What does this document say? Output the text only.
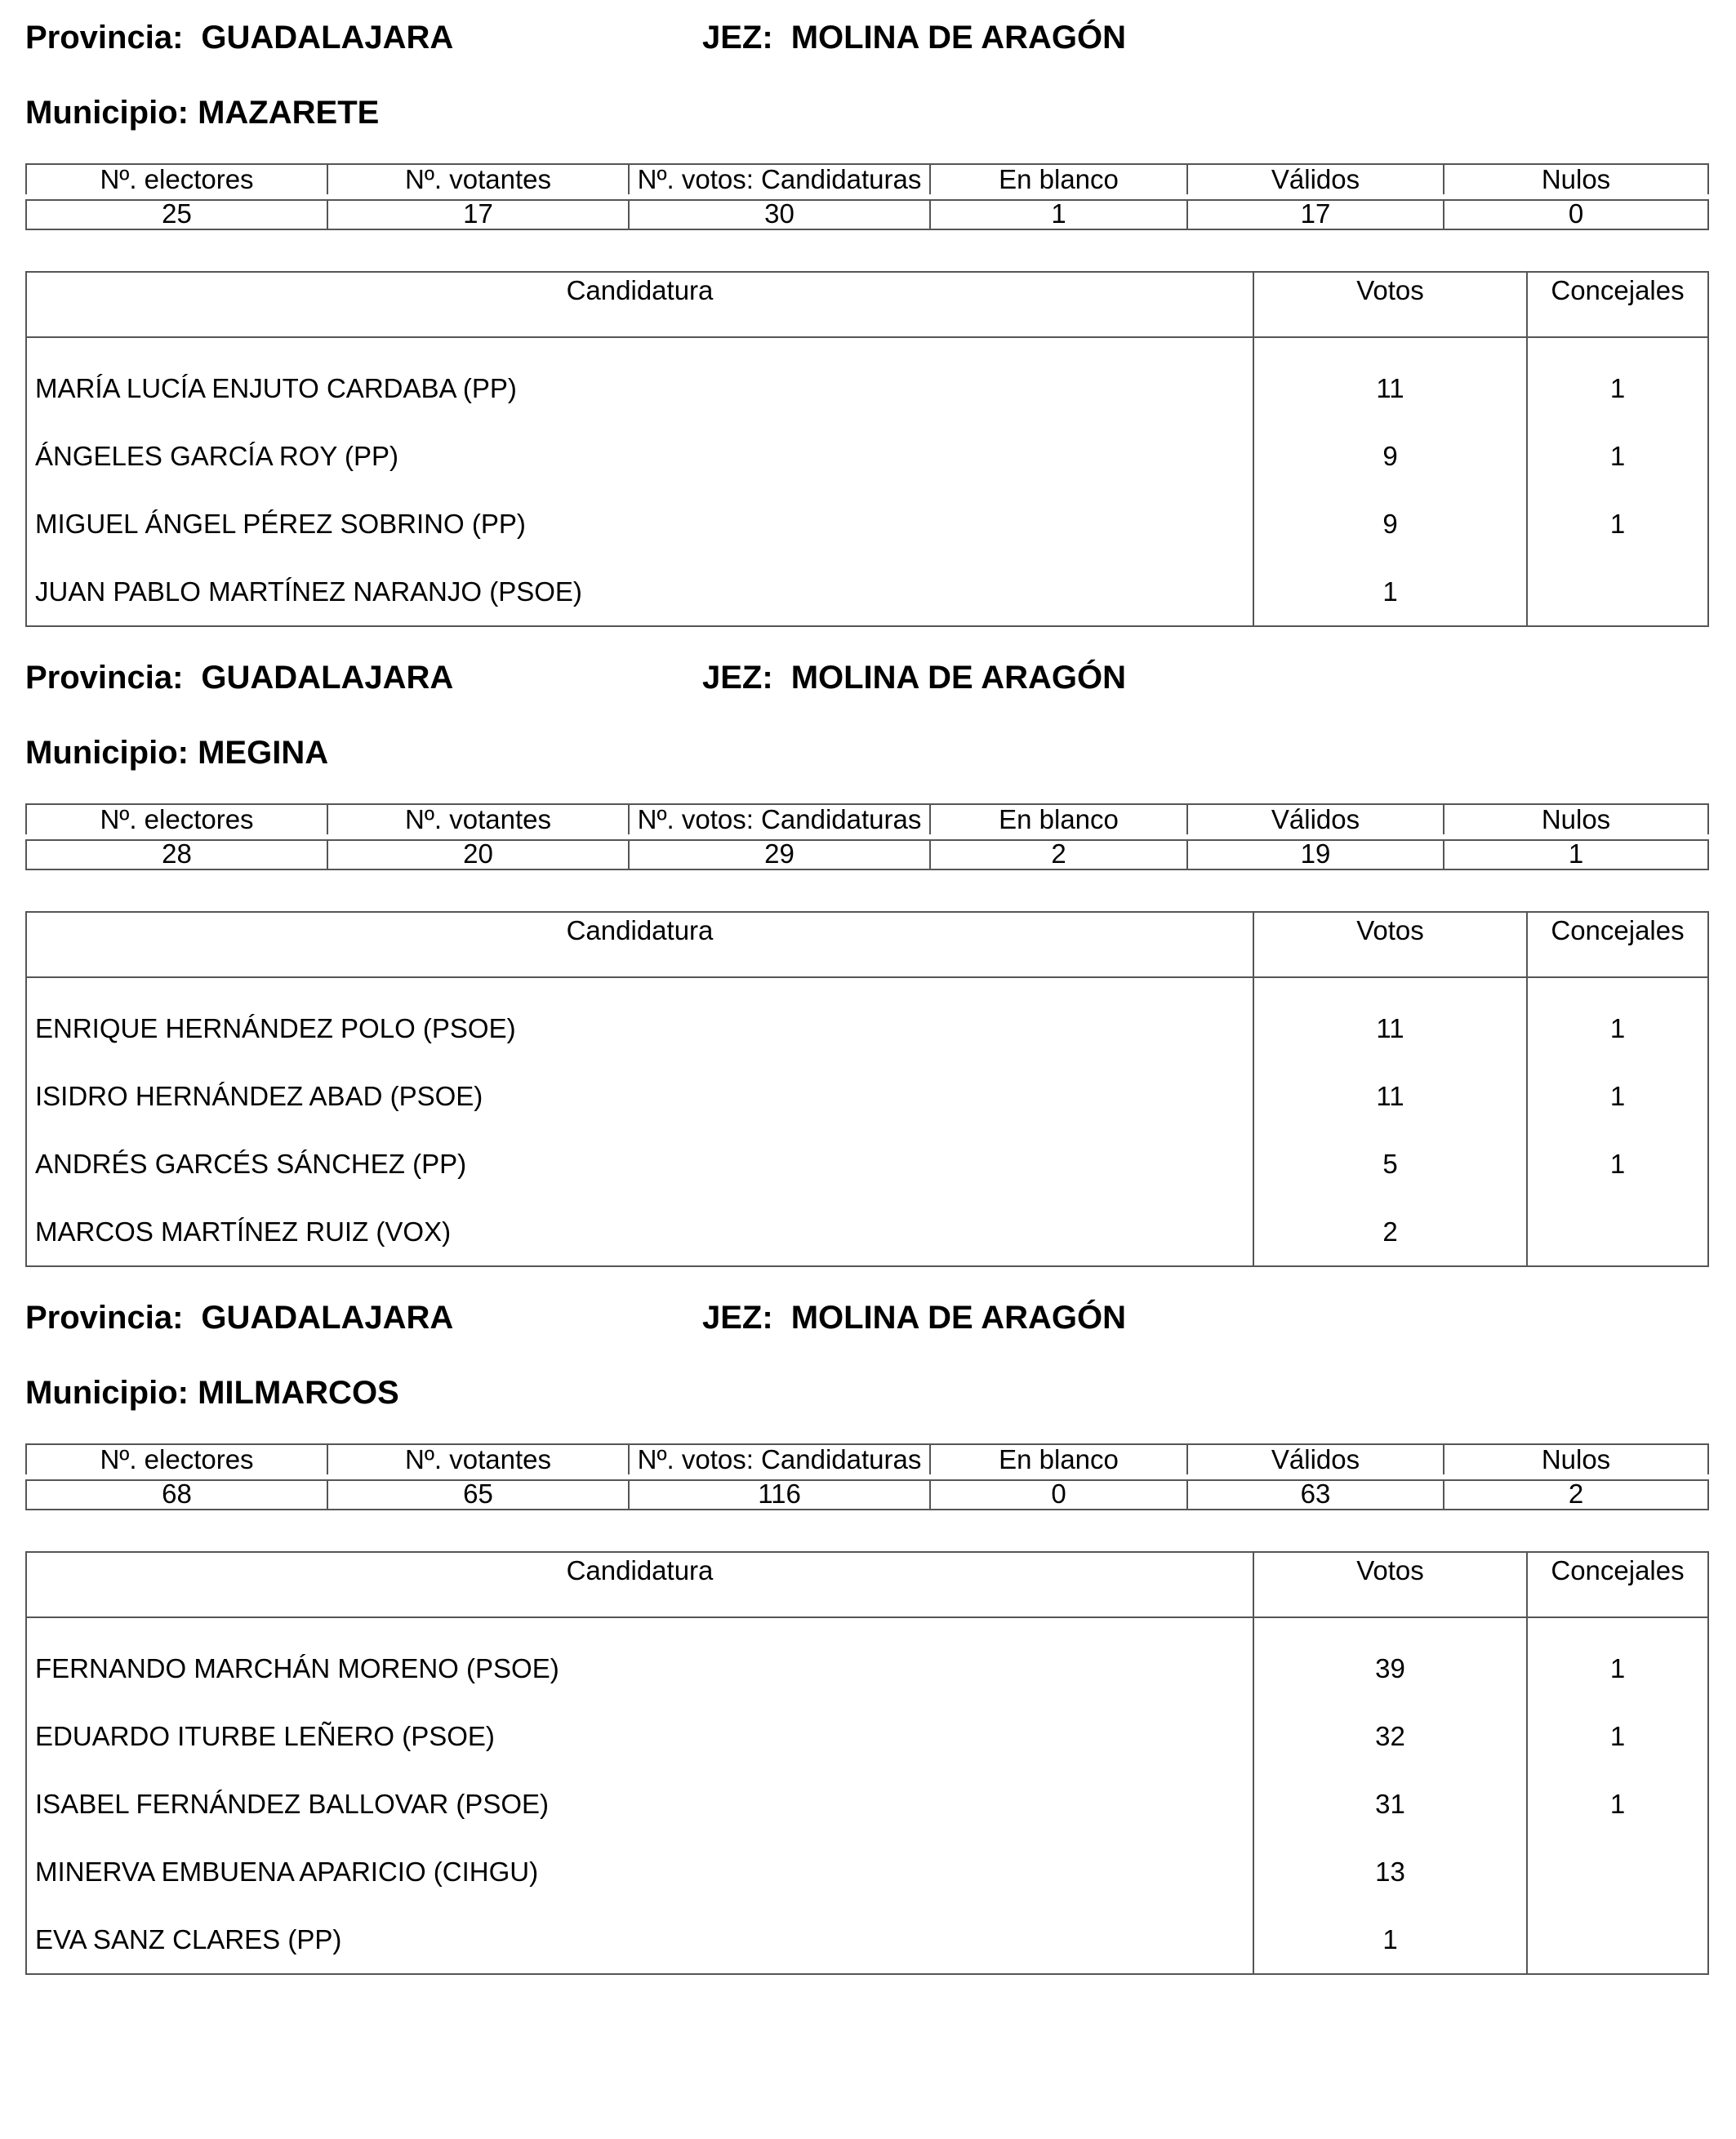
Provincia: GUADALAJARA	JEZ: MOLINA DE ARAGÓN
Municipio: MAZARETE
Nº. electores	Nº. votantes	Nº. votos: Candidaturas	En blanco	Válidos	Nulos
25	17	30	1	17	0
Candidatura	Votos	Concejales

MARÍA LUCÍA ENJUTO CARDABA (PP)	11	1
ÁNGELES GARCÍA ROY (PP)	9	1
MIGUEL ÁNGEL PÉREZ SOBRINO (PP)	9	1
JUAN PABLO MARTÍNEZ NARANJO (PSOE)	1	
Provincia: GUADALAJARA	JEZ: MOLINA DE ARAGÓN
Municipio: MEGINA
Nº. electores	Nº. votantes	Nº. votos: Candidaturas	En blanco	Válidos	Nulos
28	20	29	2	19	1
Candidatura	Votos	Concejales

ENRIQUE HERNÁNDEZ POLO (PSOE)	11	1
ISIDRO HERNÁNDEZ ABAD (PSOE)	11	1
ANDRÉS GARCÉS SÁNCHEZ (PP)	5	1
MARCOS MARTÍNEZ RUIZ (VOX)	2	
Provincia: GUADALAJARA	JEZ: MOLINA DE ARAGÓN
Municipio: MILMARCOS
Nº. electores	Nº. votantes	Nº. votos: Candidaturas	En blanco	Válidos	Nulos
68	65	116	0	63	2
Candidatura	Votos	Concejales

FERNANDO MARCHÁN MORENO (PSOE)	39	1
EDUARDO ITURBE LEÑERO (PSOE)	32	1
ISABEL FERNÁNDEZ BALLOVAR (PSOE)	31	1
MINERVA EMBUENA APARICIO (CIHGU)	13	
EVA SANZ CLARES (PP)	1	
